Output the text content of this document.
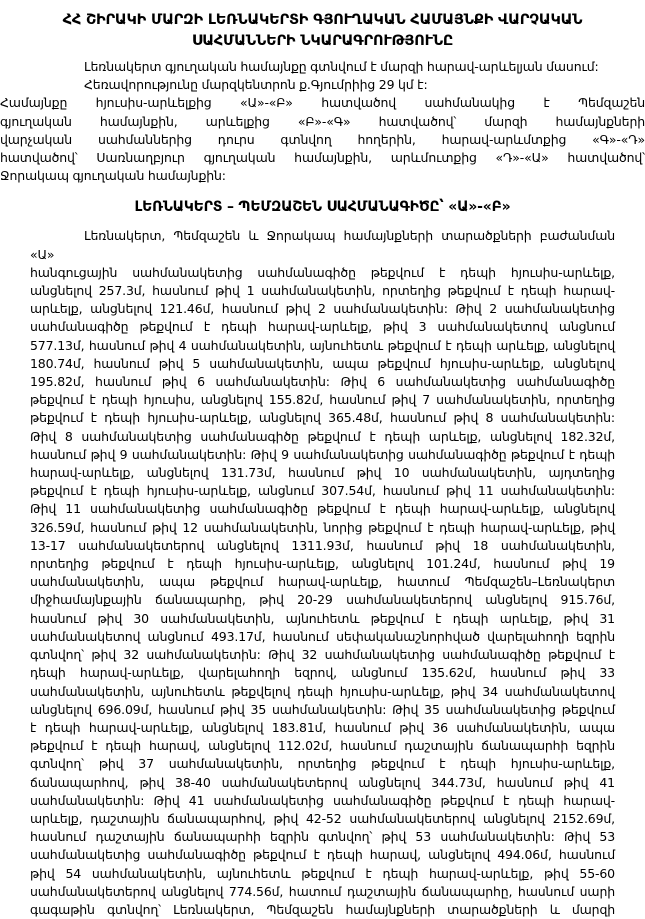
ՀՀ ՇԻՐԱԿԻ ՄԱՐԶԻ ԼԵՌՆԱԿԵՐՏԻ ԳՅՈՒՂԱԿԱՆ ՀԱՄԱՅՆՔԻ ՎԱՐՉԱԿԱՆ
ՍԱՀՄԱՆՆԵՐԻ ՆԿԱՐԱԳՐՈՒԹՅՈՒՆԸ
Լեռնակերտ գյուղական համայնքը գտնվում է մարզի հարավ-արևելյան մասում:
Հեռավորությունը մարզկենտրոն ք.Գյումրիից 29 կմ է:
Համայնքը հյուսիս-արևելքից «Ա»-«Բ» հատվածով սահմանակից է Պեմզաշեն
գյուղական համայնքին, արևելքից «Բ»-«Գ» հատվածով՝ մարզի համայնքների
վարչական սահմաններից դուրս գտնվող հողերին, հարավ-արևմտքից «Գ»-«Դ»
հատվածով՝ Սառնաղբյուր գյուղական համայնքին, արևմուտքից «Դ»-«Ա» հատվածով՝
Ջորակապ գյուղական համայնքին:
ԼԵՌՆԱԿԵՐՏ – ՊԵՄԶԱՇԵՆ ՍԱՀՄԱՆԱԳԻԾԸ՝ «Ա»-«Բ»
Լեռնակերտ, Պեմզաշեն և Ջորակապ համայնքների տարածքների բաժանման «Ա»
հանգուցային սահմանակետից սահմանագիծը թեքվում է դեպի հյուսիս-արևելք,
անցնելով 257.3մ, հասնում թիվ 1 սահմանակետին, որտեղից թեքվում է դեպի հարավ-
արևելք, անցնելով 121.46մ, հասնում թիվ 2 սահմանակետին: Թիվ 2 սահմանակետից
սահմանագիծը թեքվում է դեպի հարավ-արևելք, թիվ 3 սահմանակետով անցնում
577.13մ, հասնում թիվ 4 սահմանակետին, այնուհետև թեքվում է դեպի արևելք, անցնելով
180.74մ, հասնում թիվ 5 սահմանակետին, ապա թեքվում հյուսիս-արևելք, անցնելով
195.82մ, հասնում թիվ 6 սահմանակետին: Թիվ 6 սահմանակետից սահմանագիծը
թեքվում է դեպի հյուսիս, անցնելով 155.82մ, հասնում թիվ 7 սահմանակետին, որտեղից
թեքվում է դեպի հյուսիս-արևելք, անցնելով 365.48մ, հասնում թիվ 8 սահմանակետին:
Թիվ 8 սահմանակետից սահմանագիծը թեքվում է դեպի արևելք, անցնելով 182.32մ,
հասնում թիվ 9 սահմանակետին: Թիվ 9 սահմանակետից սահմանագիծը թեքվում է դեպի
հարավ-արևելք, անցնելով 131.73մ, հասնում թիվ 10 սահմանակետին, այդտեղից
թեքվում է դեպի հյուսիս-արևելք, անցնում 307.54մ, հասնում թիվ 11 սահմանակետին:
Թիվ 11 սահմանակետից սահմանագիծը թեքվում է դեպի հարավ-արևելք, անցնելով
326.59մ, հասնում թիվ 12 սահմանակետին, նորից թեքվում է դեպի հարավ-արևելք, թիվ
13-17 սահմանակետերով անցնելով 1311.93մ, հասնում թիվ 18 սահմանակետին,
որտեղից թեքվում է դեպի հյուսիս-արևելք, անցնելով 101.24մ, հասնում թիվ 19
սահմանակետին, ապա թեքվում հարավ-արևելք, հատում Պեմզաշեն–Լեռնակերտ
միջհամայնքային ճանապարհը, թիվ 20-29 սահմանակետերով անցնելով 915.76մ,
հասնում թիվ 30 սահմանակետին, այնուհետև թեքվում է դեպի արևելք, թիվ 31
սահմանակետով անցնում 493.17մ, հասնում սեփականաշնորհված վարելահողի եզրին
գտնվող՝ թիվ 32 սահմանակետին: Թիվ 32 սահմանակետից սահմանագիծը թեքվում է
դեպի հարավ-արևելք, վարելահողի եզրով, անցնում 135.62մ, հասնում թիվ 33
սահմանակետին, այնուհետև թեքվելով դեպի հյուսիս-արևելք, թիվ 34 սահմանակետով
անցնելով 696.09մ, հասնում թիվ 35 սահմանակետին: Թիվ 35 սահմանակետից թեքվում
է դեպի հարավ-արևելք, անցնելով 183.81մ, հասնում թիվ 36 սահմանակետին, ապա
թեքվում է դեպի հարավ, անցնելով 112.02մ, հասնում դաշտային ճանապարհի եզրին
գտնվող՝ թիվ 37 սահմանակետին, որտեղից թեքվում է դեպի հյուսիս-արևելք,
ճանապարհով, թիվ 38-40 սահմանակետերով անցնելով 344.73մ, հասնում թիվ 41
սահմանակետին: Թիվ 41 սահմանակետից սահմանագիծը թեքվում է դեպի հարավ-
արևելք, դաշտային ճանապարհով, թիվ 42-52 սահմանակետերով անցնելով 2152.69մ,
հասնում դաշտային ճանապարհի եզրին գտնվող՝ թիվ 53 սահմանակետին: Թիվ 53
սահմանակետից սահմանագիծը թեքվում է դեպի հարավ, անցնելով 494.06մ, հասնում
թիվ 54 սահմանակետին, այնուհետև թեքվում է դեպի հարավ-արևելք, թիվ 55-60
սահմանակետերով անցնելով 774.56մ, հատում դաշտային ճանապարհը, հասնում սարի
գագաթին գտնվող՝ Լեռնակերտ, Պեմզաշեն համայնքների տարածքների և մարզի
